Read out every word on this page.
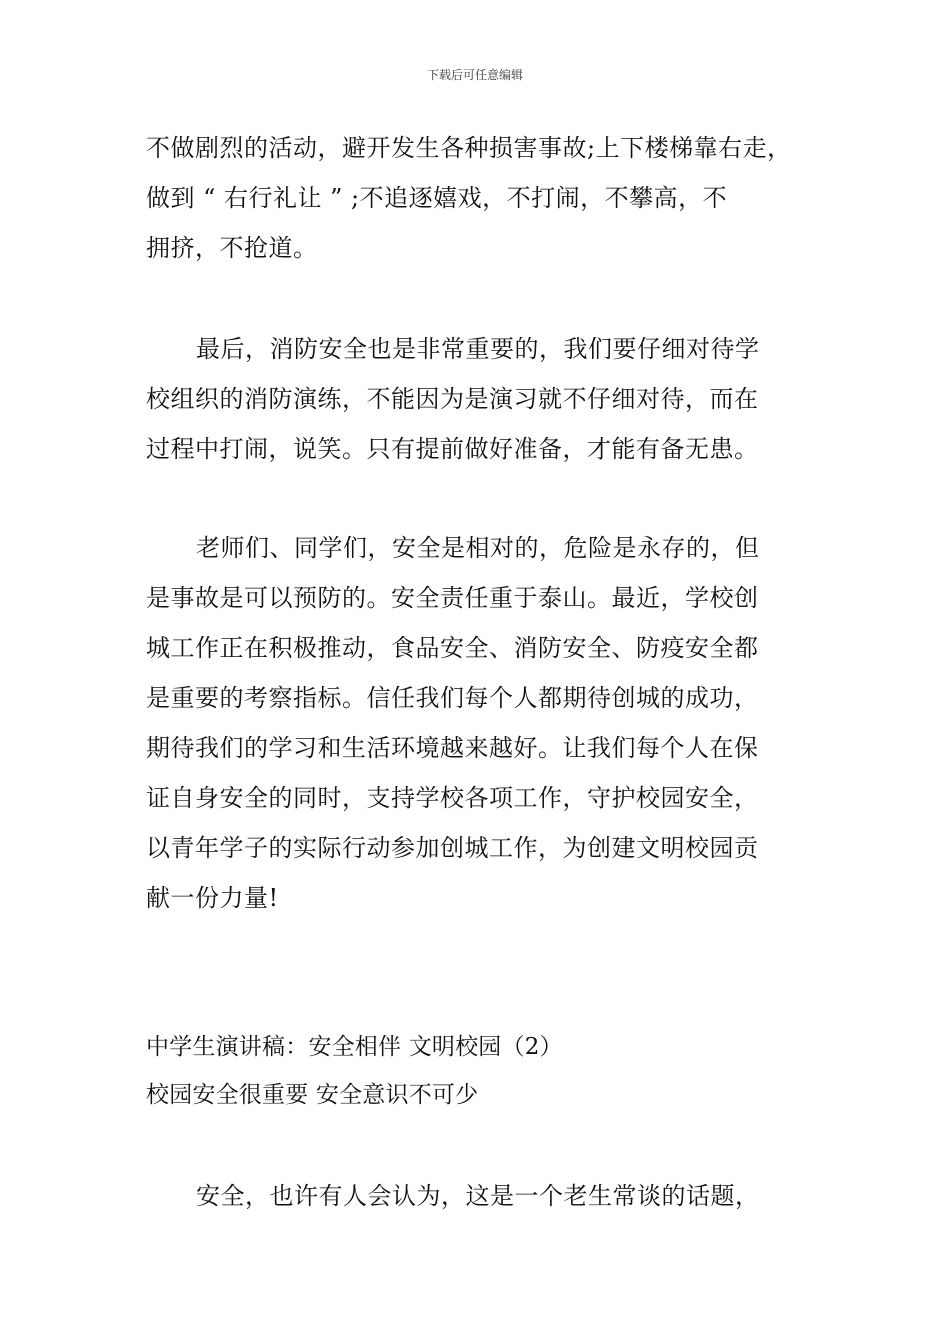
下载后可任意编辑
不做剧烈的活动，避开发生各种损害事故;上下楼梯靠右走，
做到 “ 右行礼让 ” ;不追逐嬉戏，不打闹，不攀高，不
拥挤，不抢道。
最后，消防安全也是非常重要的，我们要仔细对待学
校组织的消防演练，不能因为是演习就不仔细对待，而在
过程中打闹，说笑。只有提前做好准备，才能有备无患。
老师们、同学们，安全是相对的，危险是永存的，但
是事故是可以预防的。安全责任重于泰山。最近，学校创
城工作正在积极推动，食品安全、消防安全、防疫安全都
是重要的考察指标。信任我们每个人都期待创城的成功，
期待我们的学习和生活环境越来越好。让我们每个人在保
证自身安全的同时，支持学校各项工作，守护校园安全，
以青年学子的实际行动参加创城工作，为创建文明校园贡
献一份力量!
中学生演讲稿：安全相伴 文明校园（2）
校园安全很重要 安全意识不可少
安全，也许有人会认为，这是一个老生常谈的话题，
